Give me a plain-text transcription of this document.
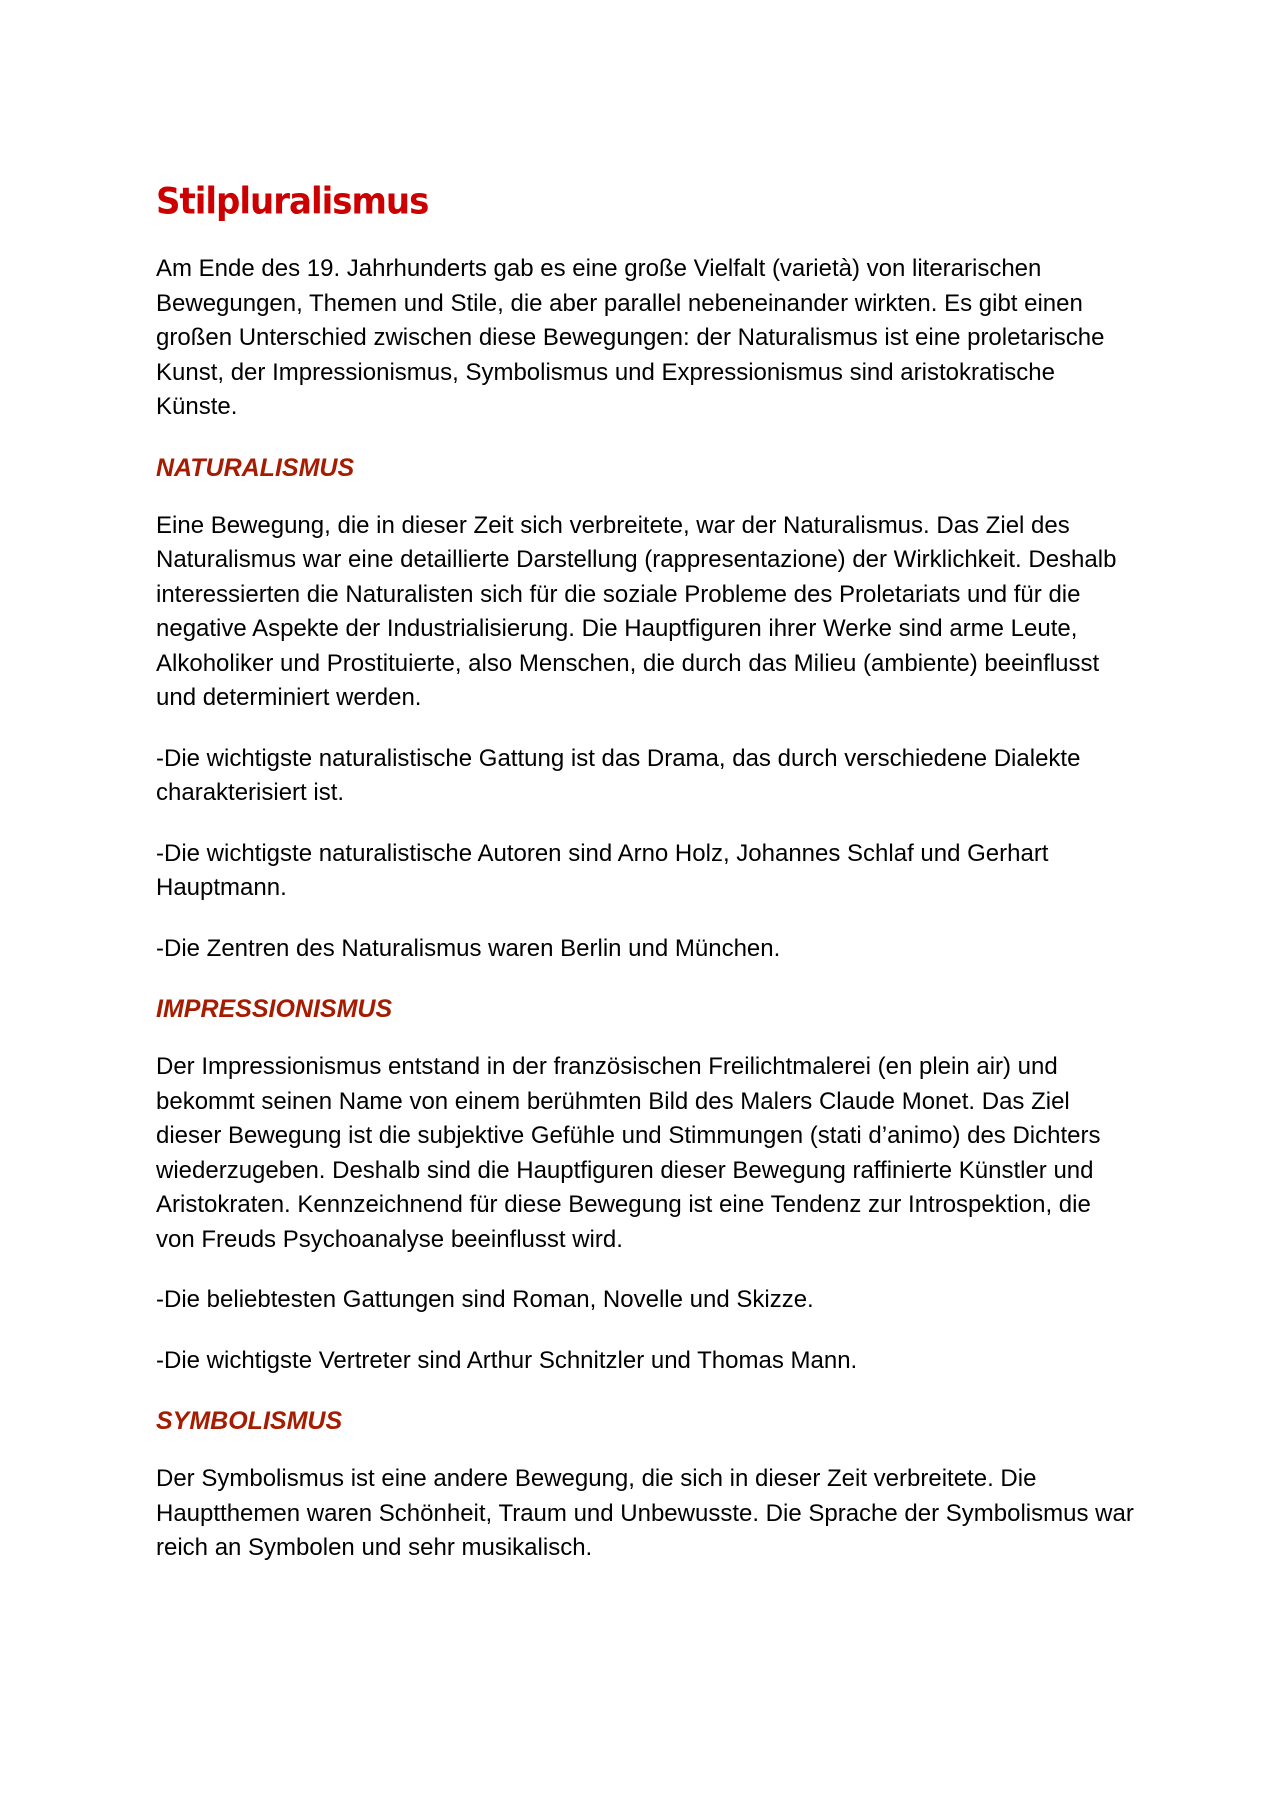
Stilpluralismus

Am Ende des 19. Jahrhunderts gab es eine große Vielfalt (varietà) von literarischen Bewegungen, Themen und Stile, die aber parallel nebeneinander wirkten. Es gibt einen großen Unterschied zwischen diese Bewegungen: der Naturalismus ist eine proletarische Kunst, der Impressionismus, Symbolismus und Expressionismus sind aristokratische Künste.

NATURALISMUS

Eine Bewegung, die in dieser Zeit sich verbreitete, war der Naturalismus. Das Ziel des Naturalismus war eine detaillierte Darstellung (rappresentazione) der Wirklichkeit. Deshalb interessierten die Naturalisten sich für die soziale Probleme des Proletariats und für die negative Aspekte der Industrialisierung. Die Hauptfiguren ihrer Werke sind arme Leute, Alkoholiker und Prostituierte, also Menschen, die durch das Milieu (ambiente) beeinflusst und determiniert werden.

-Die wichtigste naturalistische Gattung ist das Drama, das durch verschiedene Dialekte charakterisiert ist.

-Die wichtigste naturalistische Autoren sind Arno Holz, Johannes Schlaf und Gerhart Hauptmann.

-Die Zentren des Naturalismus waren Berlin und München.

IMPRESSIONISMUS

Der Impressionismus entstand in der französischen Freilichtmalerei (en plein air) und bekommt seinen Name von einem berühmten Bild des Malers Claude Monet. Das Ziel dieser Bewegung ist die subjektive Gefühle und Stimmungen (stati d’animo) des Dichters wiederzugeben. Deshalb sind die Hauptfiguren dieser Bewegung raffinierte Künstler und Aristokraten. Kennzeichnend für diese Bewegung ist eine Tendenz zur Introspektion, die von Freuds Psychoanalyse beeinflusst wird.

-Die beliebtesten Gattungen sind Roman, Novelle und Skizze.

-Die wichtigste Vertreter sind Arthur Schnitzler und Thomas Mann.

SYMBOLISMUS

Der Symbolismus ist eine andere Bewegung, die sich in dieser Zeit verbreitete. Die Hauptthemen waren Schönheit, Traum und Unbewusste. Die Sprache der Symbolismus war reich an Symbolen und sehr musikalisch.
